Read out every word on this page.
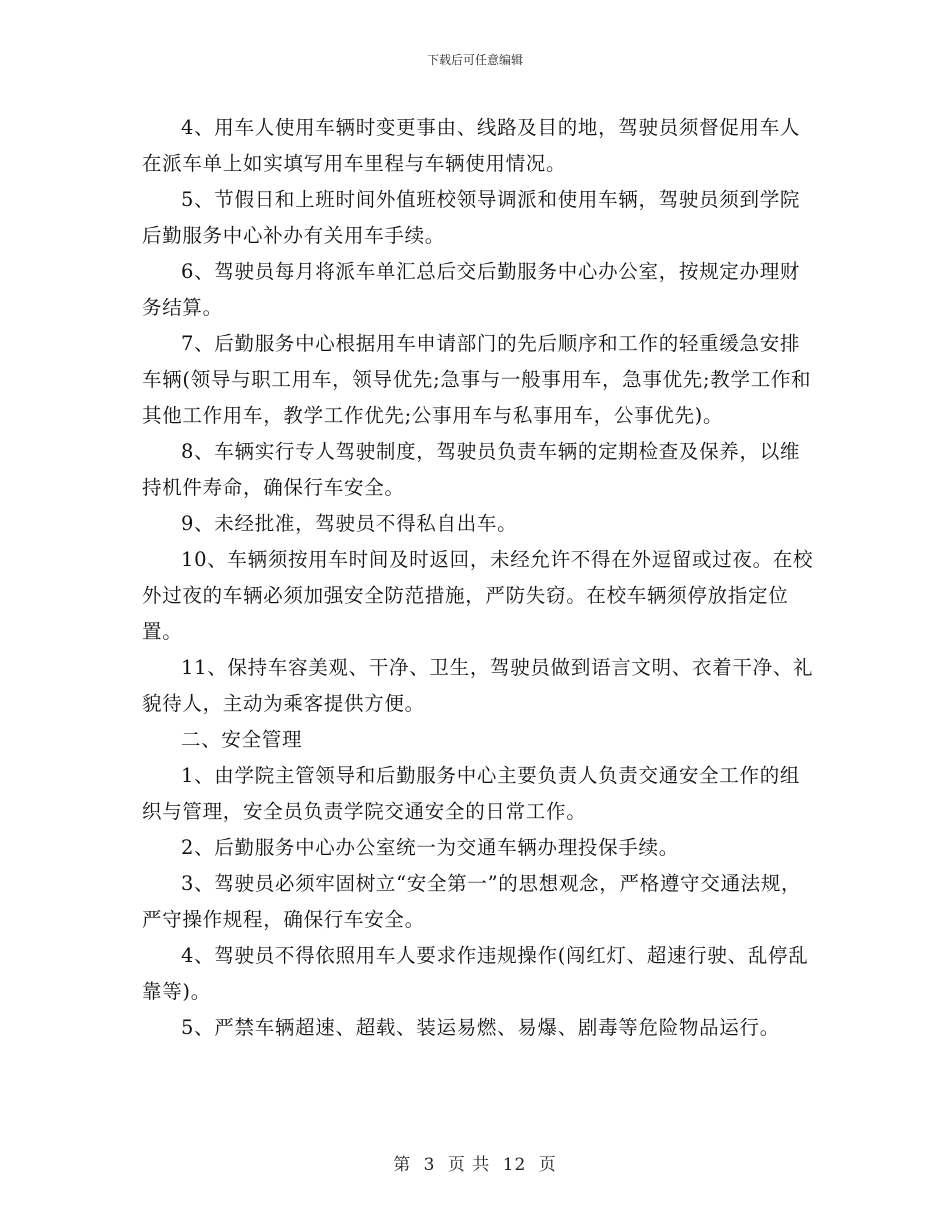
下载后可任意编辑

4、用车人使用车辆时变更事由、线路及目的地，驾驶员须督促用车人在派车单上如实填写用车里程与车辆使用情况。

5、节假日和上班时间外值班校领导调派和使用车辆，驾驶员须到学院后勤服务中心补办有关用车手续。

6、驾驶员每月将派车单汇总后交后勤服务中心办公室，按规定办理财务结算。

7、后勤服务中心根据用车申请部门的先后顺序和工作的轻重缓急安排车辆(领导与职工用车，领导优先;急事与一般事用车，急事优先;教学工作和其他工作用车，教学工作优先;公事用车与私事用车，公事优先)。

8、车辆实行专人驾驶制度，驾驶员负责车辆的定期检查及保养，以维持机件寿命，确保行车安全。

9、未经批准，驾驶员不得私自出车。

10、车辆须按用车时间及时返回，未经允许不得在外逗留或过夜。在校外过夜的车辆必须加强安全防范措施，严防失窃。在校车辆须停放指定位置。

11、保持车容美观、干净、卫生，驾驶员做到语言文明、衣着干净、礼貌待人，主动为乘客提供方便。

二、安全管理

1、由学院主管领导和后勤服务中心主要负责人负责交通安全工作的组织与管理，安全员负责学院交通安全的日常工作。

2、后勤服务中心办公室统一为交通车辆办理投保手续。

3、驾驶员必须牢固树立“安全第一”的思想观念，严格遵守交通法规，严守操作规程，确保行车安全。

4、驾驶员不得依照用车人要求作违规操作(闯红灯、超速行驶、乱停乱靠等)。

5、严禁车辆超速、超载、装运易燃、易爆、剧毒等危险物品运行。

第 3 页 共 12 页
